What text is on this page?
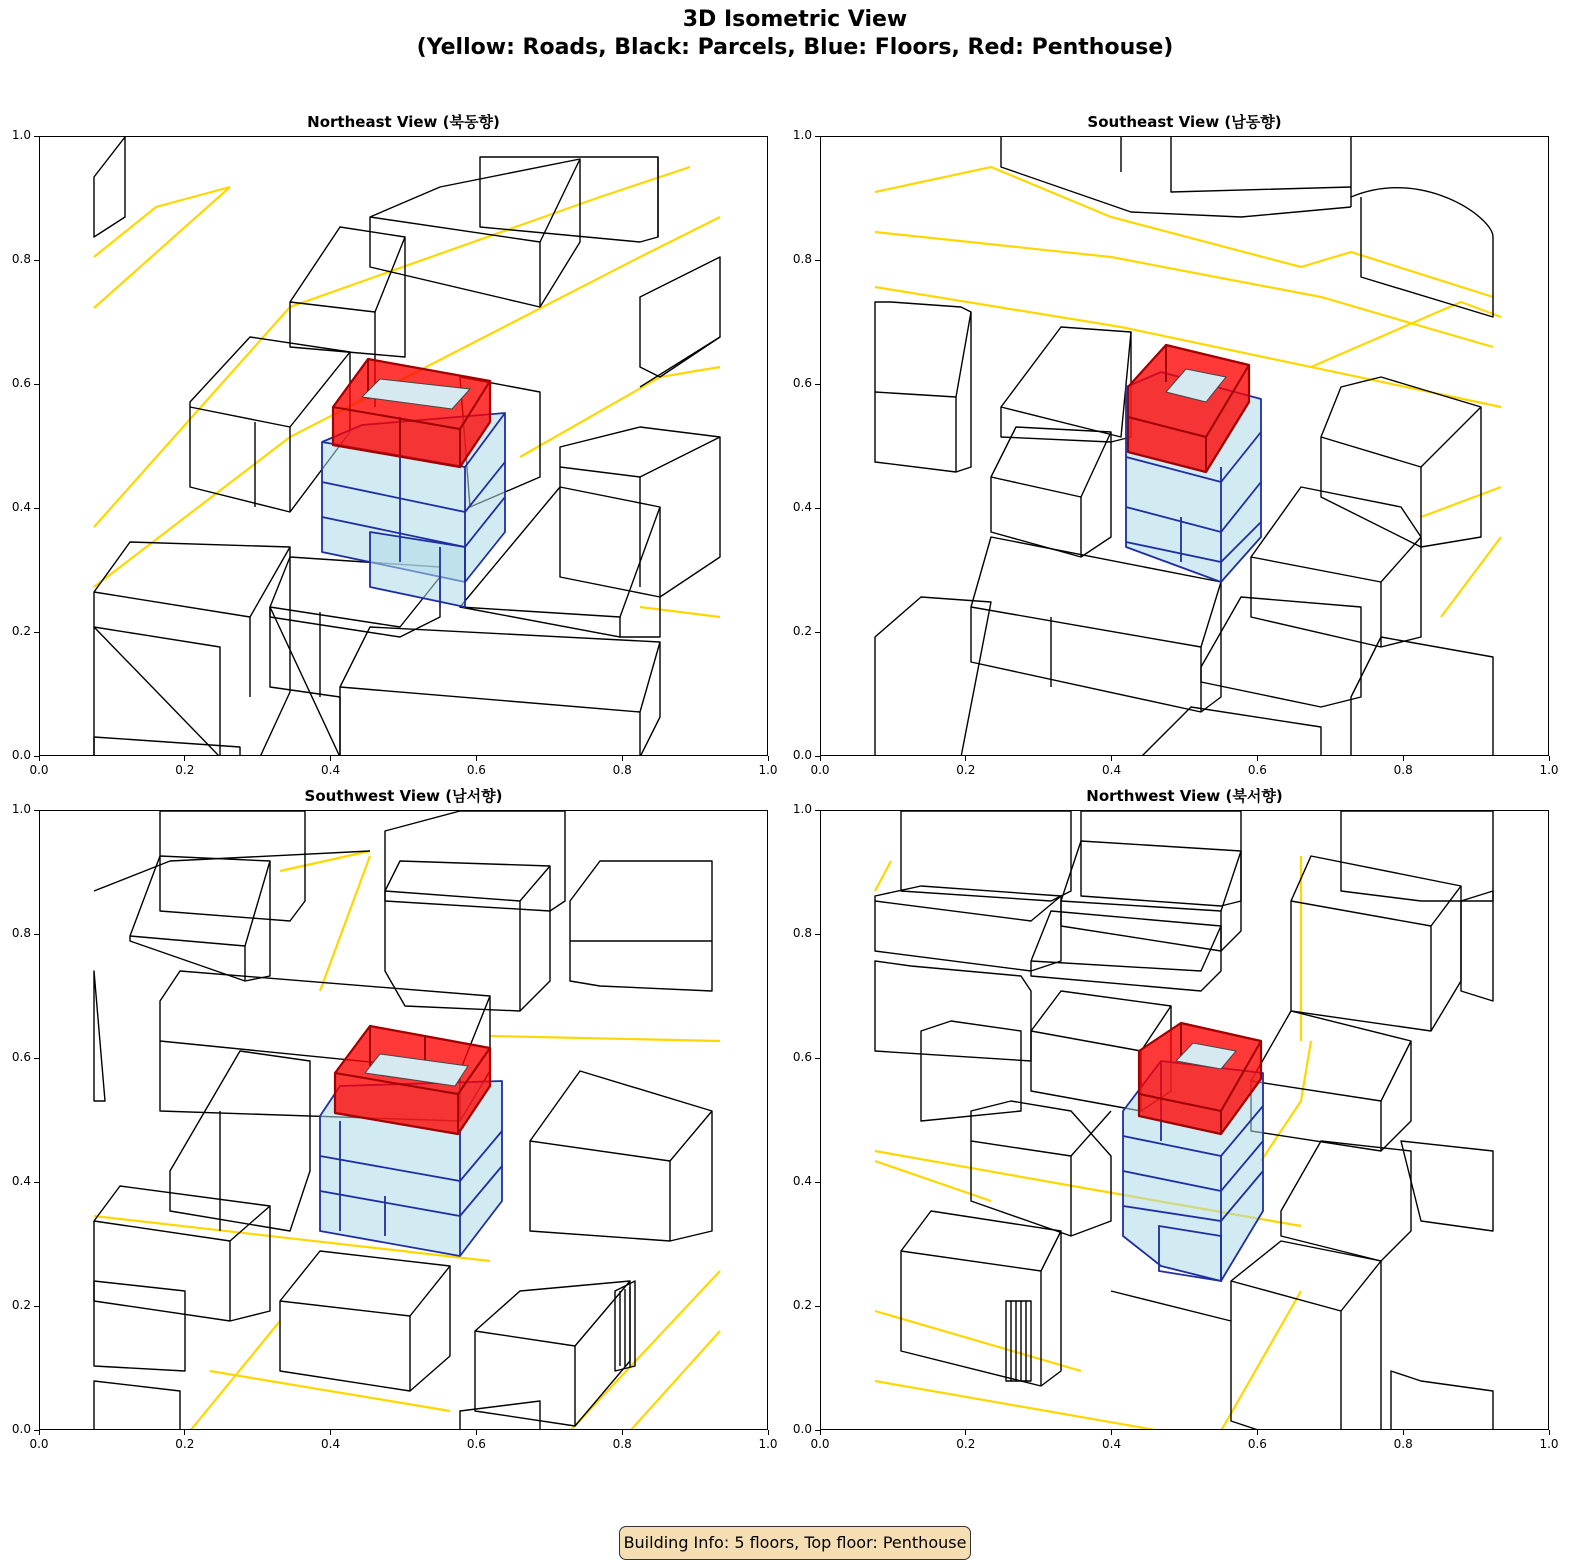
3D Isometric View
(Yellow: Roads, Black: Parcels, Blue: Floors, Red: Penthouse)
Northeast View (북동향)	Southeast View (남동향)
Southwest View (남서향)	Northwest View (북서향)
Building Info: 5 floors, Top floor: Penthouse
0.0
0.0
0.2
0.2
0.4
0.4
0.6
0.6
0.8
0.8
1.0
1.0
0.0
0.0
0.2
0.2
0.4
0.4
0.6
0.6
0.8
0.8
1.0
1.0
0.0
0.0
0.2
0.2
0.4
0.4
0.6
0.6
0.8
0.8
1.0
1.0
0.0
0.0
0.2
0.2
0.4
0.4
0.6
0.6
0.8
0.8
1.0
1.0
